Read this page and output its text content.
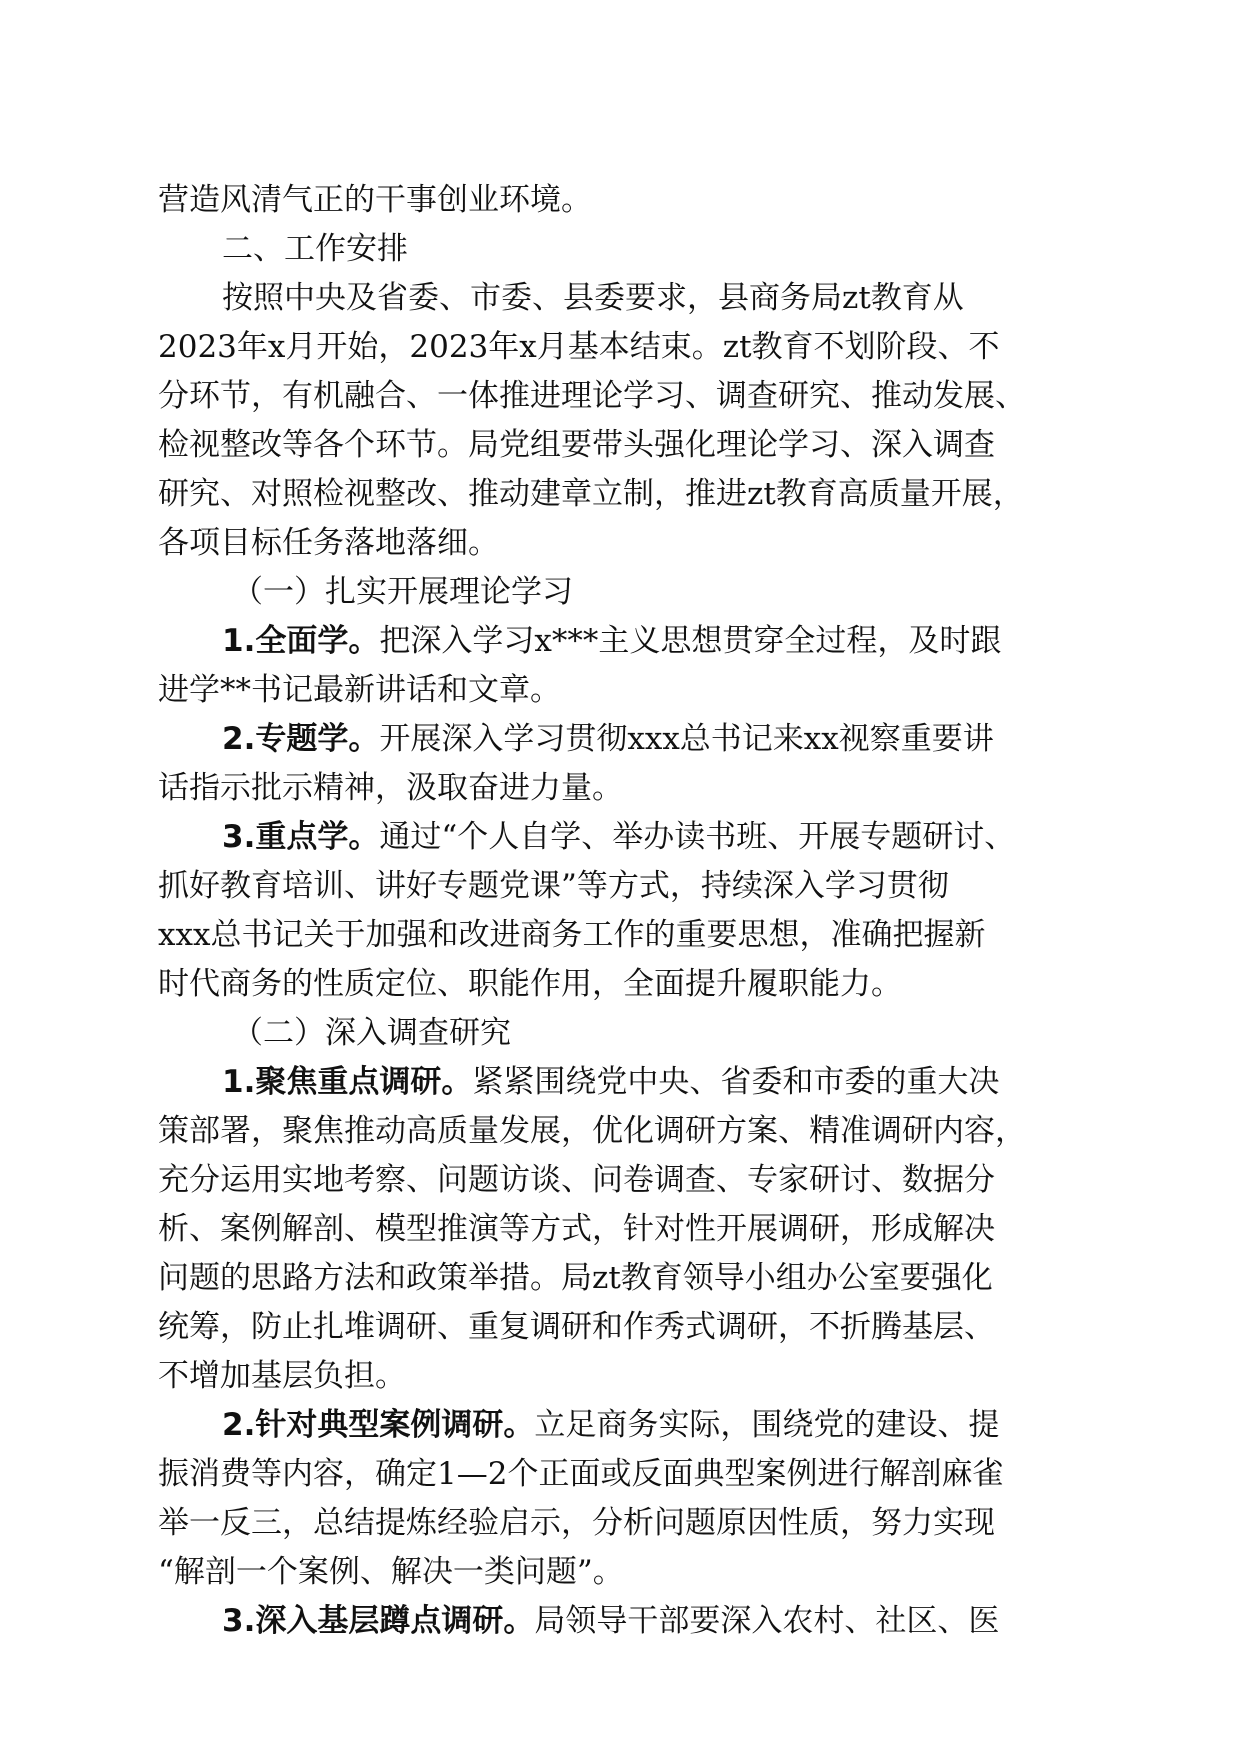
营造风清气正的干事创业环境。

二、工作安排

按照中央及省委、市委、县委要求，县商务局zt教育从

2023年x月开始，2023年x月基本结束。zt教育不划阶段、不

分环节，有机融合、一体推进理论学习、调查研究、推动发展、

检视整改等各个环节。局党组要带头强化理论学习、深入调查

研究、对照检视整改、推动建章立制，推进zt教育高质量开展，

各项目标任务落地落细。

（一）扎实开展理论学习

1.全面学。把深入学习x***主义思想贯穿全过程，及时跟

进学**书记最新讲话和文章。

2.专题学。开展深入学习贯彻xxx总书记来xx视察重要讲

话指示批示精神，汲取奋进力量。

3.重点学。通过“个人自学、举办读书班、开展专题研讨、

抓好教育培训、讲好专题党课”等方式，持续深入学习贯彻

xxx总书记关于加强和改进商务工作的重要思想，准确把握新

时代商务的性质定位、职能作用，全面提升履职能力。

（二）深入调查研究

1.聚焦重点调研。紧紧围绕党中央、省委和市委的重大决

策部署，聚焦推动高质量发展，优化调研方案、精准调研内容，

充分运用实地考察、问题访谈、问卷调查、专家研讨、数据分

析、案例解剖、模型推演等方式，针对性开展调研，形成解决

问题的思路方法和政策举措。局zt教育领导小组办公室要强化

统筹，防止扎堆调研、重复调研和作秀式调研，不折腾基层、

不增加基层负担。

2.针对典型案例调研。立足商务实际，围绕党的建设、提

振消费等内容，确定1—2个正面或反面典型案例进行解剖麻雀

举一反三，总结提炼经验启示，分析问题原因性质，努力实现

“解剖一个案例、解决一类问题”。

3.深入基层蹲点调研。局领导干部要深入农村、社区、医
